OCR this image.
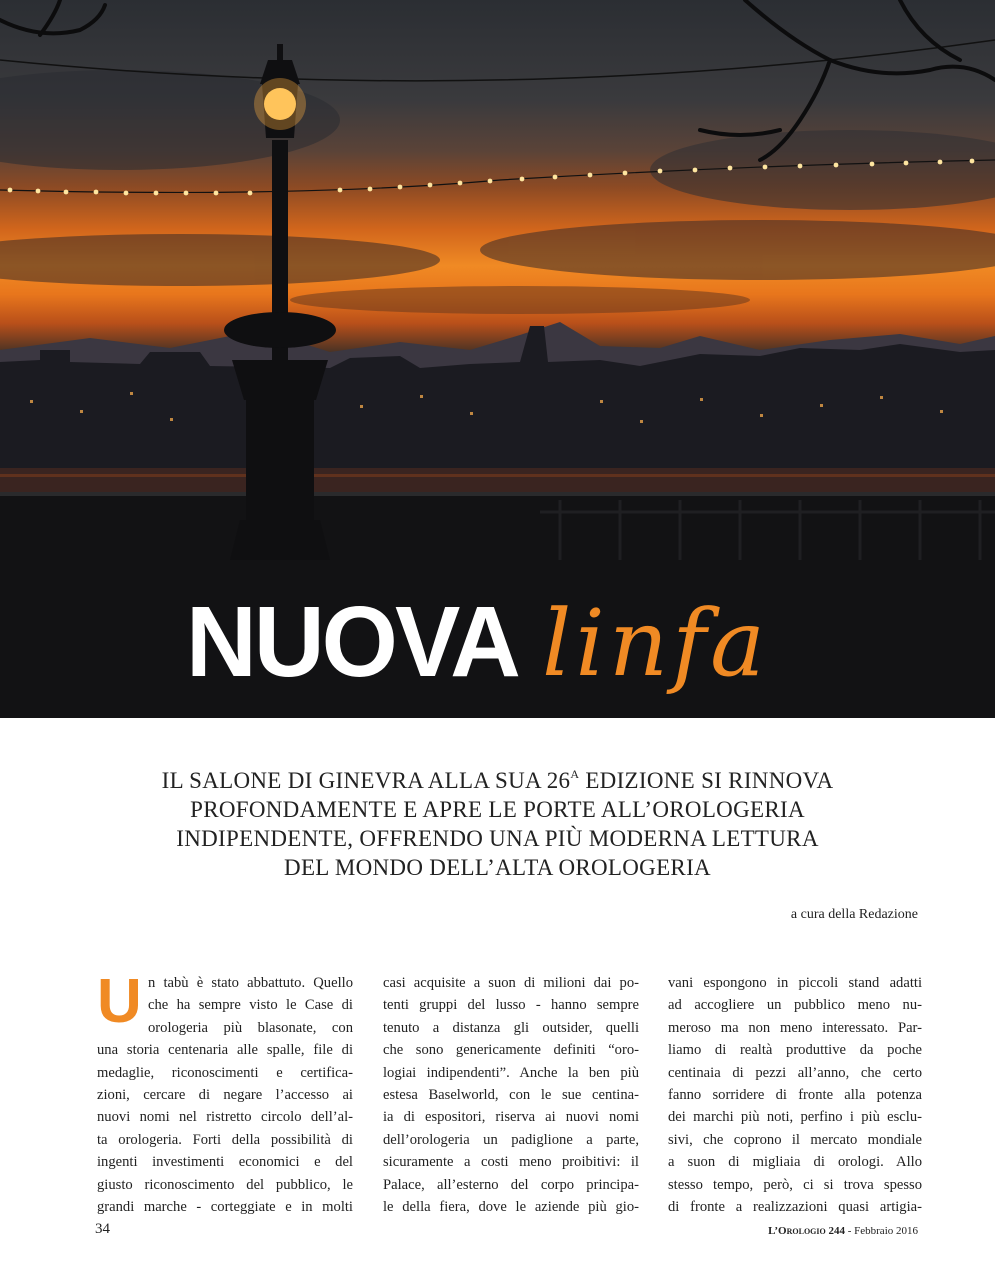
NUOVA linfa
IL SALONE DI GINEVRA ALLA SUA $26^A$ EDIZIONE SI RINNOVA
PROFONDAMENTE E APRE LE PORTE ALL’OROLOGERIA
INDIPENDENTE, OFFRENDO UNA PIÙ MODERNA LETTURA
DEL MONDO DELL’ALTA OROLOGERIA
a cura della Redazione
U n tabù è stato abbattuto. Quello
che ha sempre visto le Case di
orologeria più blasonate, con
una storia centenaria alle spalle, file di
medaglie, riconoscimenti e certifica-
zioni, cercare di negare l’accesso ai
nuovi nomi nel ristretto circolo dell’al-
ta orologeria. Forti della possibilità di
ingenti investimenti economici e del
giusto riconoscimento del pubblico, le
grandi marche - corteggiate e in molti
casi acquisite a suon di milioni dai po-
tenti gruppi del lusso - hanno sempre
tenuto a distanza gli outsider, quelli
che sono genericamente definiti “oro-
logiai indipendenti”. Anche la ben più
estesa Baselworld, con le sue centina-
ia di espositori, riserva ai nuovi nomi
dell’orologeria un padiglione a parte,
sicuramente a costi meno proibitivi: il
Palace, all’esterno del corpo principa-
le della fiera, dove le aziende più gio-
vani espongono in piccoli stand adatti
ad accogliere un pubblico meno nu-
meroso ma non meno interessato. Par-
liamo di realtà produttive da poche
centinaia di pezzi all’anno, che certo
fanno sorridere di fronte alla potenza
dei marchi più noti, perfino i più esclu-
sivi, che coprono il mercato mondiale
a suon di migliaia di orologi. Allo
stesso tempo, però, ci si trova spesso
di fronte a realizzazioni quasi artigia-
34	L’Orologio 244 - Febbraio 2016
